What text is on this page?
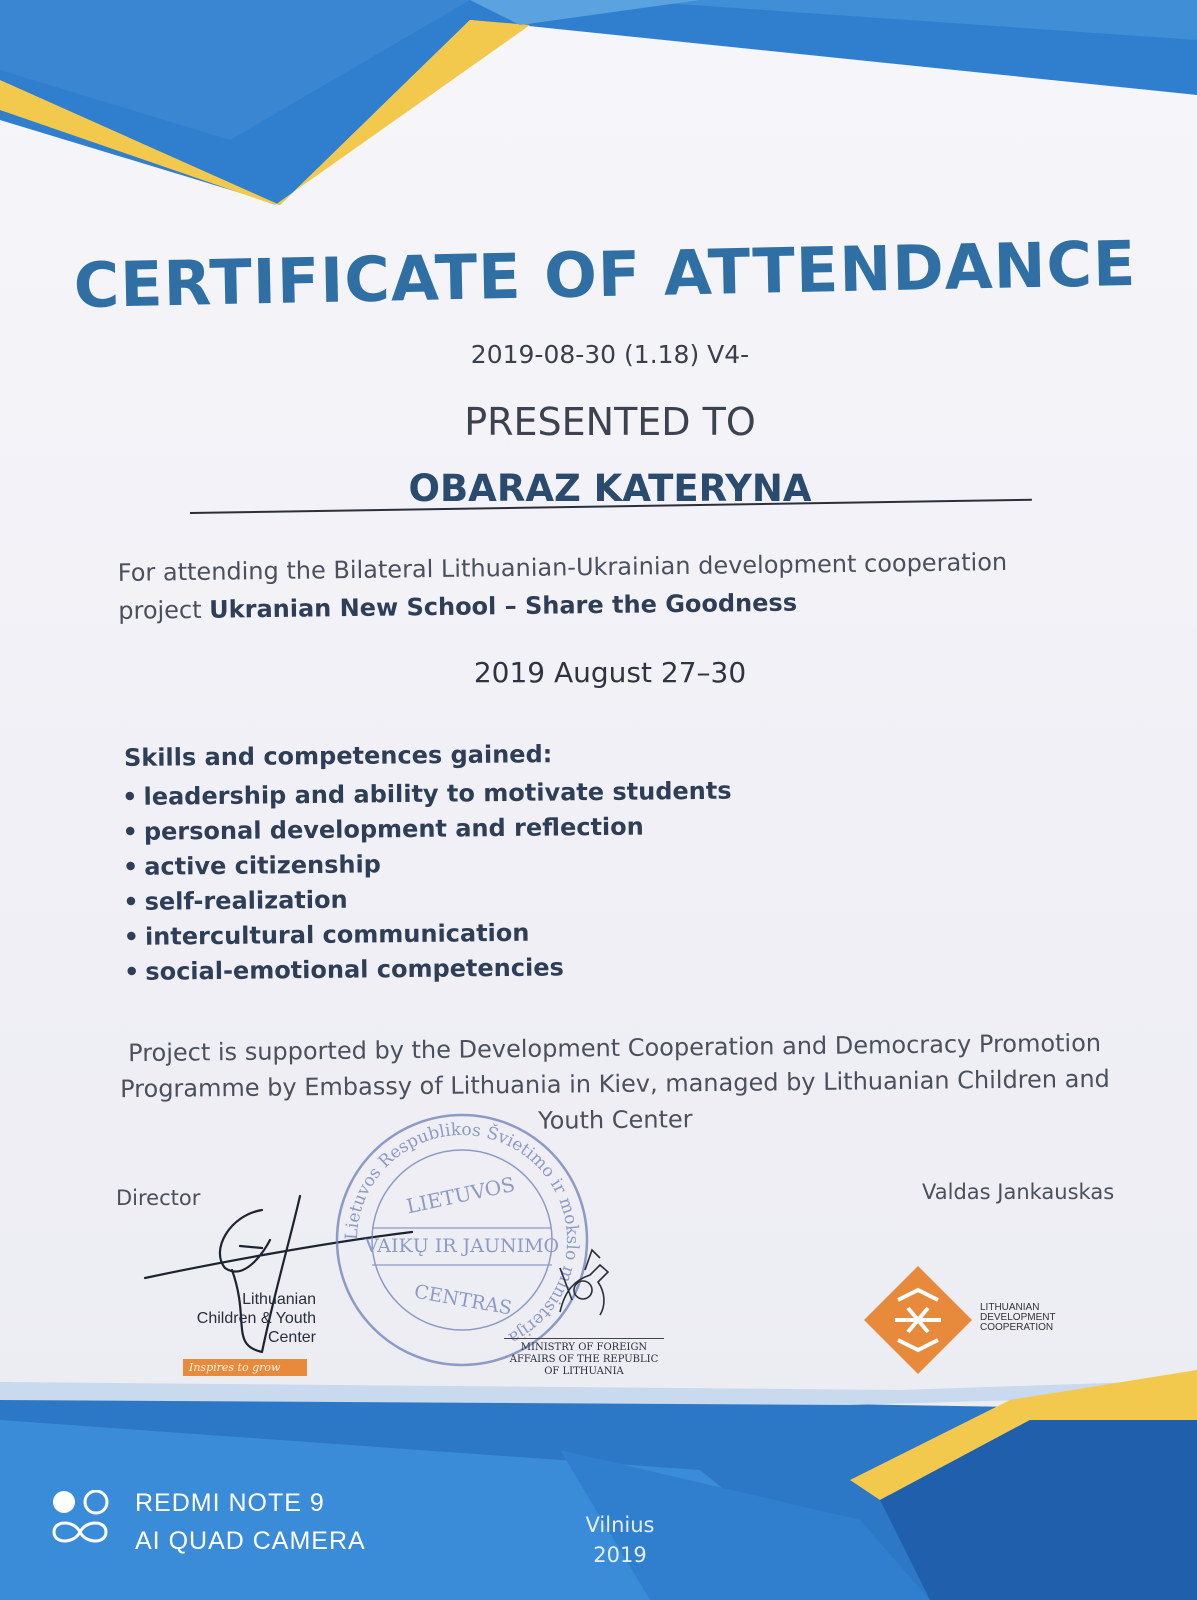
CERTIFICATE OF ATTENDANCE
2019-08-30 (1.18) V4-
PRESENTED TO
OBARAZ KATERYNA
For attending the Bilateral Lithuanian-Ukrainian development cooperation project Ukranian New School – Share the Goodness
2019 August 27–30
Skills and competences gained:
• leadership and ability to motivate students
• personal development and reflection
• active citizenship
• self-realization
• intercultural communication
• social-emotional competencies
Project is supported by the Development Cooperation and Democracy Promotion Programme by Embassy of Lithuania in Kiev, managed by Lithuanian Children and Youth Center
Director	Valdas Jankauskas
Lietuvos Respublikos Švietimo ir mokslo ministerija
LIETUVOS
VAIKŲ IR JAUNIMO
CENTRAS
Lithuanian
Children & Youth
Center
Inspires to grow
MINISTRY OF FOREIGN
AFFAIRS OF THE REPUBLIC
OF LITHUANIA
LITHUANIAN
DEVELOPMENT
COOPERATION
Vilnius
2019
REDMI NOTE 9
AI QUAD CAMERA
